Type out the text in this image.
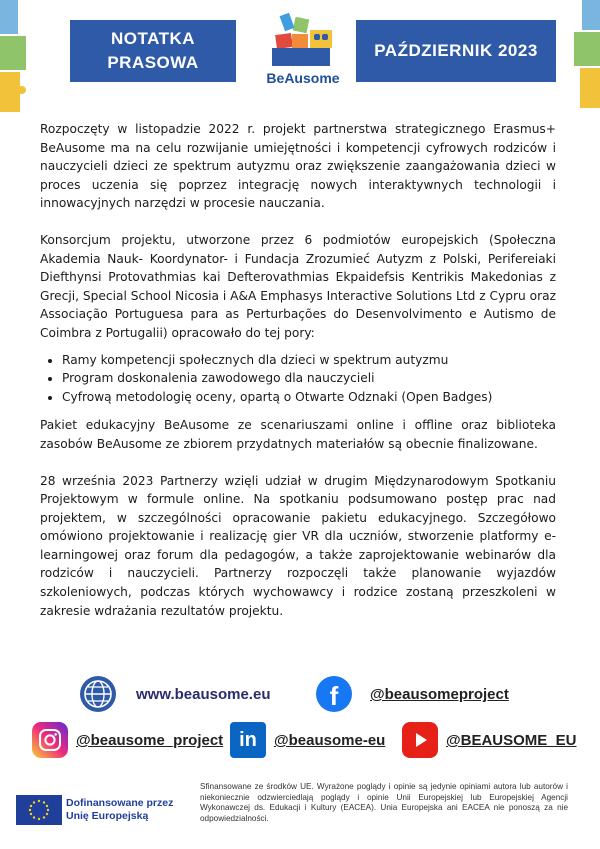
NOTATKA
PRASOWA
BeAusome
PAŹDZIERNIK 2023

Rozpoczęty w listopadzie 2022 r. projekt partnerstwa strategicznego Erasmus+ BeAusome ma na celu rozwijanie umiejętności i kompetencji cyfrowych rodziców i nauczycieli dzieci ze spektrum autyzmu oraz zwiększenie zaangażowania dzieci w proces uczenia się poprzez integrację nowych interaktywnych technologii i innowacyjnych narzędzi w procesie nauczania.

Konsorcjum projektu, utworzone przez 6 podmiotów europejskich (Społeczna Akademia Nauk- Koordynator- i Fundacja Zrozumieć Autyzm z Polski, Perifereiaki Diefthynsi Protovathmias kai Defterovathmias Ekpaidefsis Kentrikis Makedonias z Grecji, Special School Nicosia i A&A Emphasys Interactive Solutions Ltd z Cypru oraz Associação Portuguesa para as Perturbações do Desenvolvimento e Autismo de Coimbra z Portugalii) opracowało do tej pory:

• Ramy kompetencji społecznych dla dzieci w spektrum autyzmu
• Program doskonalenia zawodowego dla nauczycieli
• Cyfrową metodologię oceny, opartą o Otwarte Odznaki (Open Badges)

Pakiet edukacyjny BeAusome ze scenariuszami online i offline oraz biblioteka zasobów BeAusome ze zbiorem przydatnych materiałów są obecnie finalizowane.

28 września 2023 Partnerzy wzięli udział w drugim Międzynarodowym Spotkaniu Projektowym w formule online. Na spotkaniu podsumowano postęp prac nad projektem, w szczególności opracowanie pakietu edukacyjnego. Szczegółowo omówiono projektowanie i realizację gier VR dla uczniów, stworzenie platformy e-learningowej oraz forum dla pedagogów, a także zaprojektowanie webinarów dla rodziców i nauczycieli. Partnerzy rozpoczęli także planowanie wyjazdów szkoleniowych, podczas których wychowawcy i rodzice zostaną przeszkoleni w zakresie wdrażania rezultatów projektu.

www.beausome.eu f @beausomeproject
@beausome_project in @beausome-eu	@BEAUSOME_EU
Dofinansowane przez
Unię Europejską
Sfinansowane ze środków UE. Wyrażone poglądy i opinie są jedynie opiniami autora lub autorów i niekoniecznie odzwierciedlają poglądy i opinie Unii Europejskiej lub Europejskiej Agencji Wykonawczej ds. Edukacji i Kultury (EACEA). Unia Europejska ani EACEA nie ponoszą za nie odpowiedzialności.
